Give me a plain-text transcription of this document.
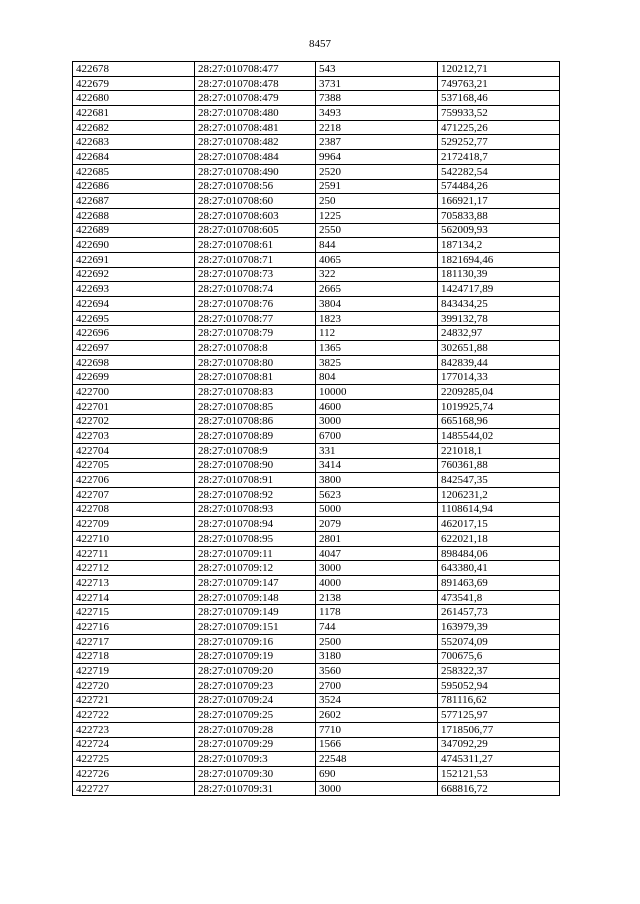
8457
422678	28:27:010708:477	543	120212,71
422679	28:27:010708:478	3731	749763,21
422680	28:27:010708:479	7388	537168,46
422681	28:27:010708:480	3493	759933,52
422682	28:27:010708:481	2218	471225,26
422683	28:27:010708:482	2387	529252,77
422684	28:27:010708:484	9964	2172418,7
422685	28:27:010708:490	2520	542282,54
422686	28:27:010708:56	2591	574484,26
422687	28:27:010708:60	250	166921,17
422688	28:27:010708:603	1225	705833,88
422689	28:27:010708:605	2550	562009,93
422690	28:27:010708:61	844	187134,2
422691	28:27:010708:71	4065	1821694,46
422692	28:27:010708:73	322	181130,39
422693	28:27:010708:74	2665	1424717,89
422694	28:27:010708:76	3804	843434,25
422695	28:27:010708:77	1823	399132,78
422696	28:27:010708:79	112	24832,97
422697	28:27:010708:8	1365	302651,88
422698	28:27:010708:80	3825	842839,44
422699	28:27:010708:81	804	177014,33
422700	28:27:010708:83	10000	2209285,04
422701	28:27:010708:85	4600	1019925,74
422702	28:27:010708:86	3000	665168,96
422703	28:27:010708:89	6700	1485544,02
422704	28:27:010708:9	331	221018,1
422705	28:27:010708:90	3414	760361,88
422706	28:27:010708:91	3800	842547,35
422707	28:27:010708:92	5623	1206231,2
422708	28:27:010708:93	5000	1108614,94
422709	28:27:010708:94	2079	462017,15
422710	28:27:010708:95	2801	622021,18
422711	28:27:010709:11	4047	898484,06
422712	28:27:010709:12	3000	643380,41
422713	28:27:010709:147	4000	891463,69
422714	28:27:010709:148	2138	473541,8
422715	28:27:010709:149	1178	261457,73
422716	28:27:010709:151	744	163979,39
422717	28:27:010709:16	2500	552074,09
422718	28:27:010709:19	3180	700675,6
422719	28:27:010709:20	3560	258322,37
422720	28:27:010709:23	2700	595052,94
422721	28:27:010709:24	3524	781116,62
422722	28:27:010709:25	2602	577125,97
422723	28:27:010709:28	7710	1718506,77
422724	28:27:010709:29	1566	347092,29
422725	28:27:010709:3	22548	4745311,27
422726	28:27:010709:30	690	152121,53
422727	28:27:010709:31	3000	668816,72
